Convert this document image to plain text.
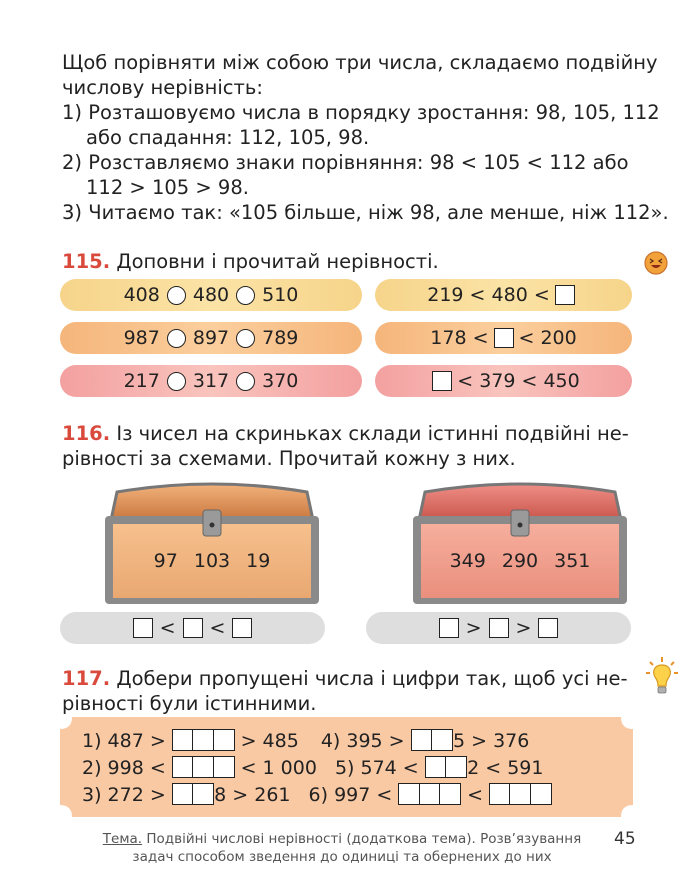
Щоб порівняти між собою три числа, складаємо подвійну
числову нерівність:
1) Розташовуємо числа в порядку зростання: 98, 105, 112
або спадання: 112, 105, 98.
2) Розставляємо знаки порівняння: 98 < 105 < 112 або
112 > 105 > 98.
3) Читаємо так: «105 більше, ніж 98, але менше, ніж 112».
115. Доповни і прочитай нерівності.
408 480 510
987 897 789
217 317 370
219 < 480 <
178 < < 200
< 379 < 450
116. Із чисел на скриньках склади істинні подвійні не-
рівності за схемами. Прочитай кожну з них.
97 103 19	349 290 351
< <	> >
117. Добери пропущені числа і цифри так, щоб усі не-
рівності були істинними.
1) 487 >	> 485 4) 395 >	5 > 376
2) 998 <	< 1 000 5) 574 <	2 < 591
3) 272 >	8 > 261 6) 997 <	<
Тема. Подвійні числові нерівності (додаткова тема). Розв’язування
задач способом зведення до одиниці та обернених до них
45
